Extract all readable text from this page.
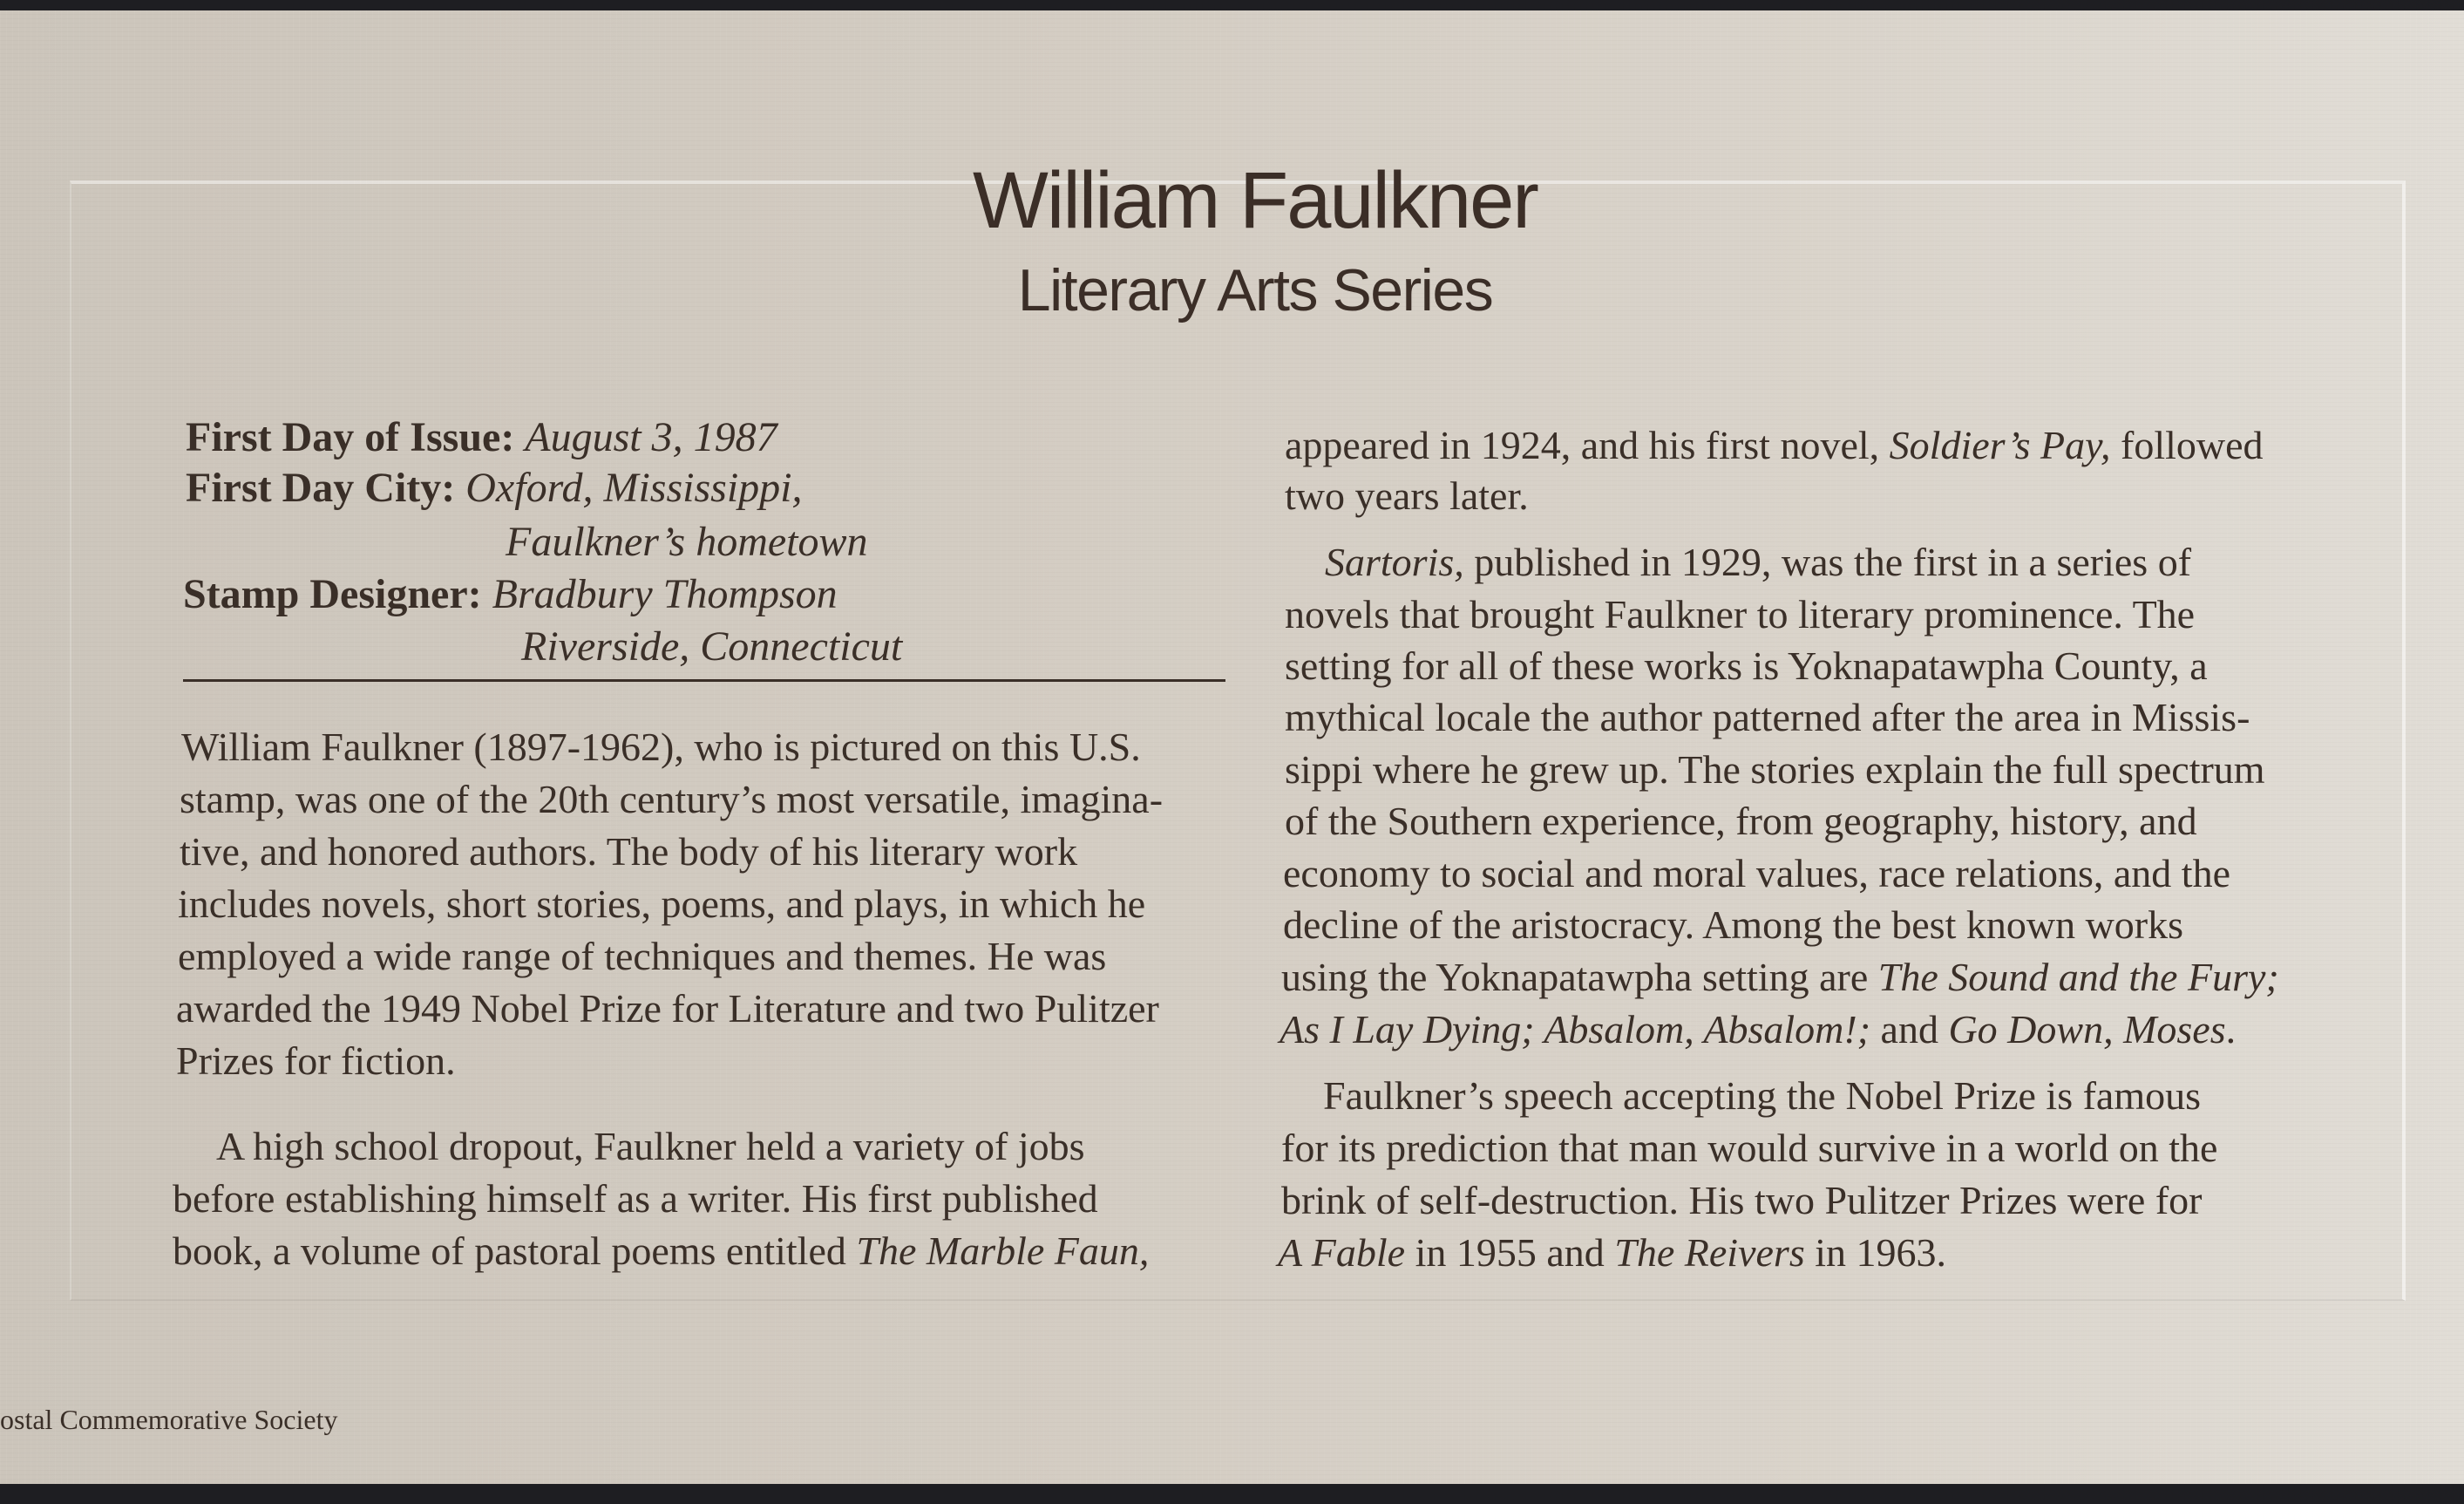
William Faulkner
Literary Arts Series
First Day of Issue: August 3, 1987
First Day City: Oxford, Mississippi,
Faulkner’s hometown
Stamp Designer: Bradbury Thompson
Riverside, Connecticut
William Faulkner (1897-1962), who is pictured on this U.S.
stamp, was one of the 20th century’s most versatile, imagina-
tive, and honored authors. The body of his literary work
includes novels, short stories, poems, and plays, in which he
employed a wide range of techniques and themes. He was
awarded the 1949 Nobel Prize for Literature and two Pulitzer
Prizes for fiction.
A high school dropout, Faulkner held a variety of jobs
before establishing himself as a writer. His first published
book, a volume of pastoral poems entitled The Marble Faun,
appeared in 1924, and his first novel, Soldier’s Pay, followed
two years later.
Sartoris, published in 1929, was the first in a series of
novels that brought Faulkner to literary prominence. The
setting for all of these works is Yoknapatawpha County, a
mythical locale the author patterned after the area in Missis-
sippi where he grew up. The stories explain the full spectrum
of the Southern experience, from geography, history, and
economy to social and moral values, race relations, and the
decline of the aristocracy. Among the best known works
using the Yoknapatawpha setting are The Sound and the Fury;
As I Lay Dying; Absalom, Absalom!; and Go Down, Moses.
Faulkner’s speech accepting the Nobel Prize is famous
for its prediction that man would survive in a world on the
brink of self-destruction. His two Pulitzer Prizes were for
A Fable in 1955 and The Reivers in 1963.
ostal Commemorative Society
